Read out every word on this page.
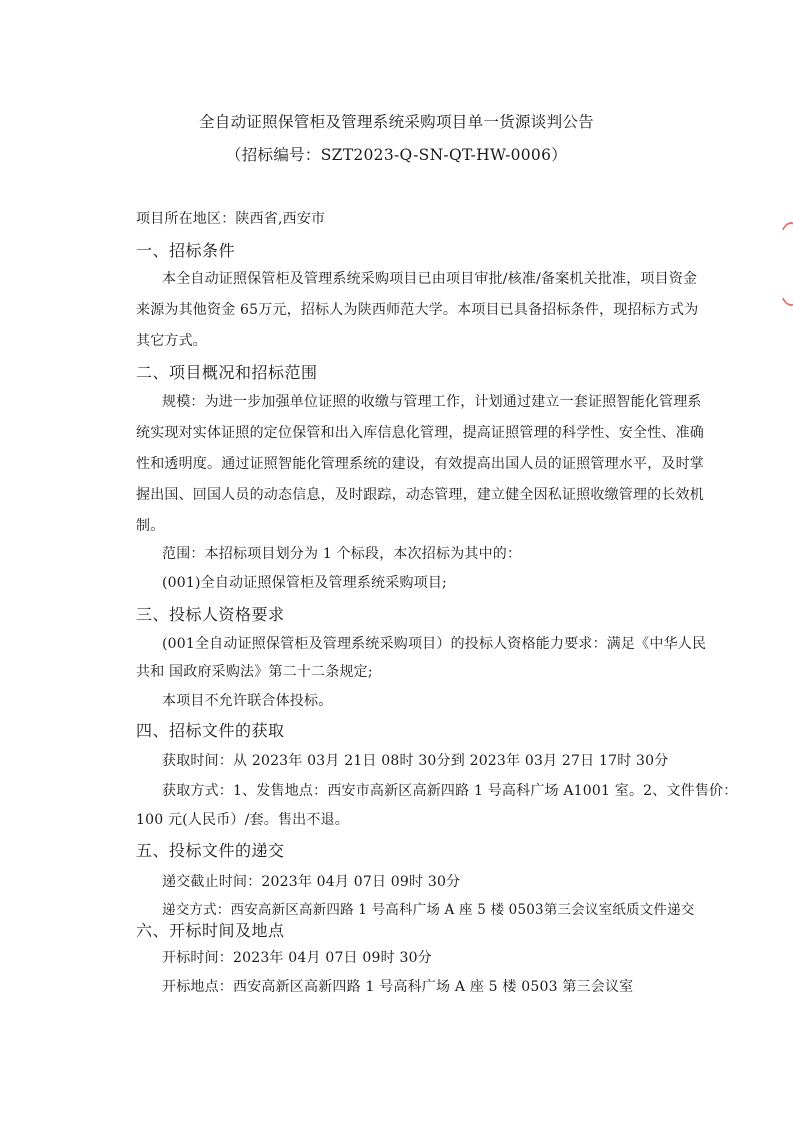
全自动证照保管柜及管理系统采购项目单一货源谈判公告
（招标编号：SZT2023-Q-SN-QT-HW-0006）
项目所在地区：陕西省,西安市
一、招标条件
本全自动证照保管柜及管理系统采购项目已由项目审批/核准/备案机关批准，项目资金
来源为其他资金 65万元，招标人为陕西师范大学。本项目已具备招标条件，现招标方式为
其它方式。
二、项目概况和招标范围
规模：为进一步加强单位证照的收缴与管理工作，计划通过建立一套证照智能化管理系
统实现对实体证照的定位保管和出入库信息化管理，提高证照管理的科学性、安全性、准确
性和透明度。通过证照智能化管理系统的建设，有效提高出国人员的证照管理水平，及时掌
握出国、回国人员的动态信息，及时跟踪，动态管理，建立健全因私证照收缴管理的长效机
制。
范围：本招标项目划分为 1 个标段，本次招标为其中的：
(001)全自动证照保管柜及管理系统采购项目;
三、投标人资格要求
(001全自动证照保管柜及管理系统采购项目）的投标人资格能力要求：满足《中华人民
共和 国政府采购法》第二十二条规定;
本项目不允许联合体投标。
四、招标文件的获取
获取时间：从 2023年 03月 21日 08时 30分到 2023年 03月 27日 17时 30分
获取方式：1、发售地点：西安市高新区高新四路 1 号高科广场 A1001 室。2、文件售价：
100 元(人民币）/套。售出不退。
五、投标文件的递交
递交截止时间：2023年 04月 07日 09时 30分
递交方式：西安高新区高新四路 1 号高科广场 A 座 5 楼 0503第三会议室纸质文件递交
六、开标时间及地点
开标时间：2023年 04月 07日 09时 30分
开标地点：西安高新区高新四路 1 号高科广场 A 座 5 楼 0503 第三会议室
